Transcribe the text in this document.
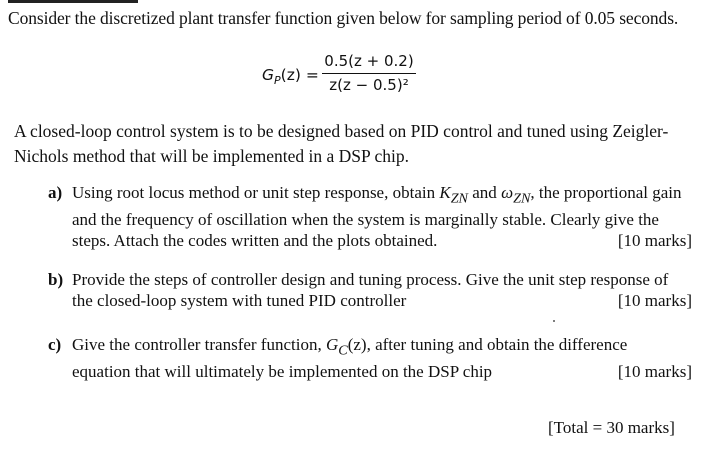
Consider the discretized plant transfer function given below for sampling period of 0.05 seconds.
$G_P(z) = \frac{0.5(z + 0.2)}{\text{z(z − 0.5)²}}$
A closed-loop control system is to be designed based on PID control and tuned using Zeigler-Nichols method that will be implemented in a DSP chip.
a) Using root locus method or unit step response, obtain $K_{ZN}$ and $\omega_{ZN}$, the proportional gain and the frequency of oscillation when the system is marginally stable. Clearly give the steps. Attach the codes written and the plots obtained.	[10 marks]
b) Provide the steps of controller design and tuning process. Give the unit step response of the closed-loop system with tuned PID controller	[10 marks]
c) Give the controller transfer function, $G_C(z)$, after tuning and obtain the difference equation that will ultimately be implemented on the DSP chip	[10 marks]
[Total = 30 marks]
